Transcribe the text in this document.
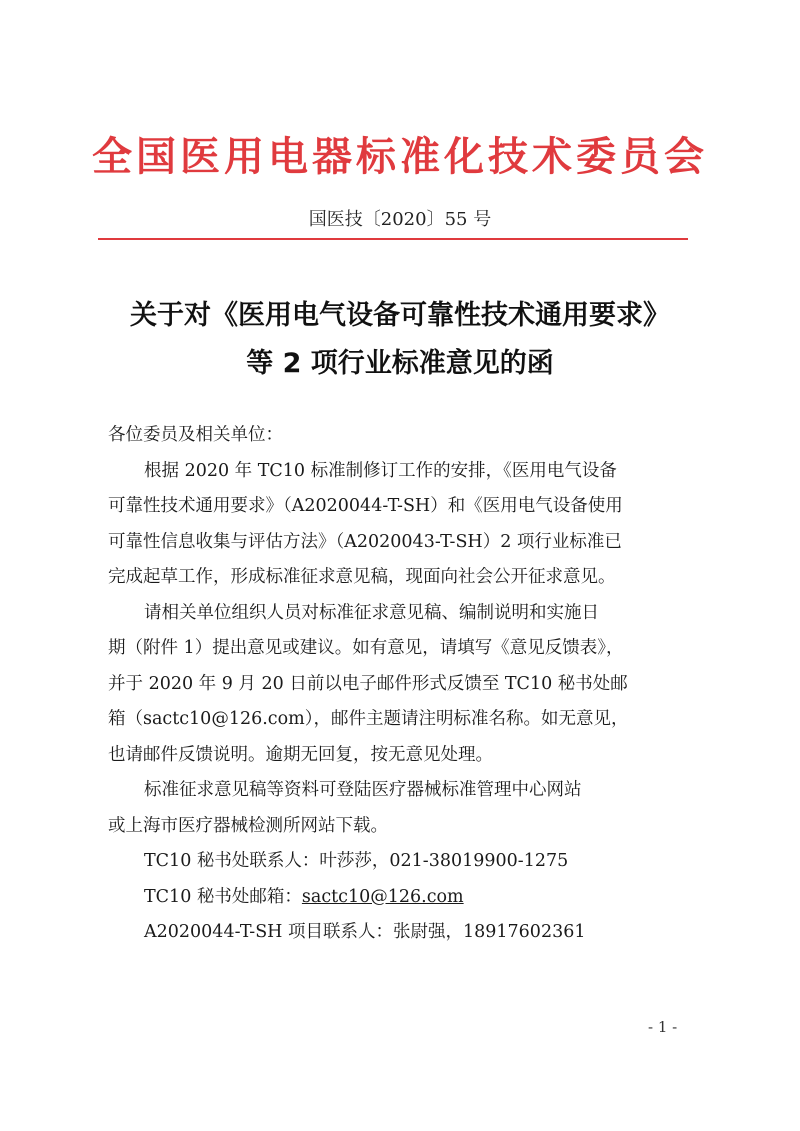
全国医用电器标准化技术委员会
国医技〔2020〕55 号
关于对《医用电气设备可靠性技术通用要求》
等 2 项行业标准意见的函
各位委员及相关单位：
根据 2020 年 TC10 标准制修订工作的安排，《医用电气设备
可靠性技术通用要求》（A2020044-T-SH）和《医用电气设备使用
可靠性信息收集与评估方法》（A2020043-T-SH）2 项行业标准已
完成起草工作，形成标准征求意见稿，现面向社会公开征求意见。
请相关单位组织人员对标准征求意见稿、编制说明和实施日
期（附件 1）提出意见或建议。如有意见，请填写《意见反馈表》，
并于 2020 年 9 月 20 日前以电子邮件形式反馈至 TC10 秘书处邮
箱（sactc10@126.com），邮件主题请注明标准名称。如无意见，
也请邮件反馈说明。逾期无回复，按无意见处理。
标准征求意见稿等资料可登陆医疗器械标准管理中心网站
或上海市医疗器械检测所网站下载。
TC10 秘书处联系人：叶莎莎，021-38019900-1275
TC10 秘书处邮箱：sactc10@126.com
A2020044-T-SH 项目联系人：张尉强，18917602361
- 1 -
